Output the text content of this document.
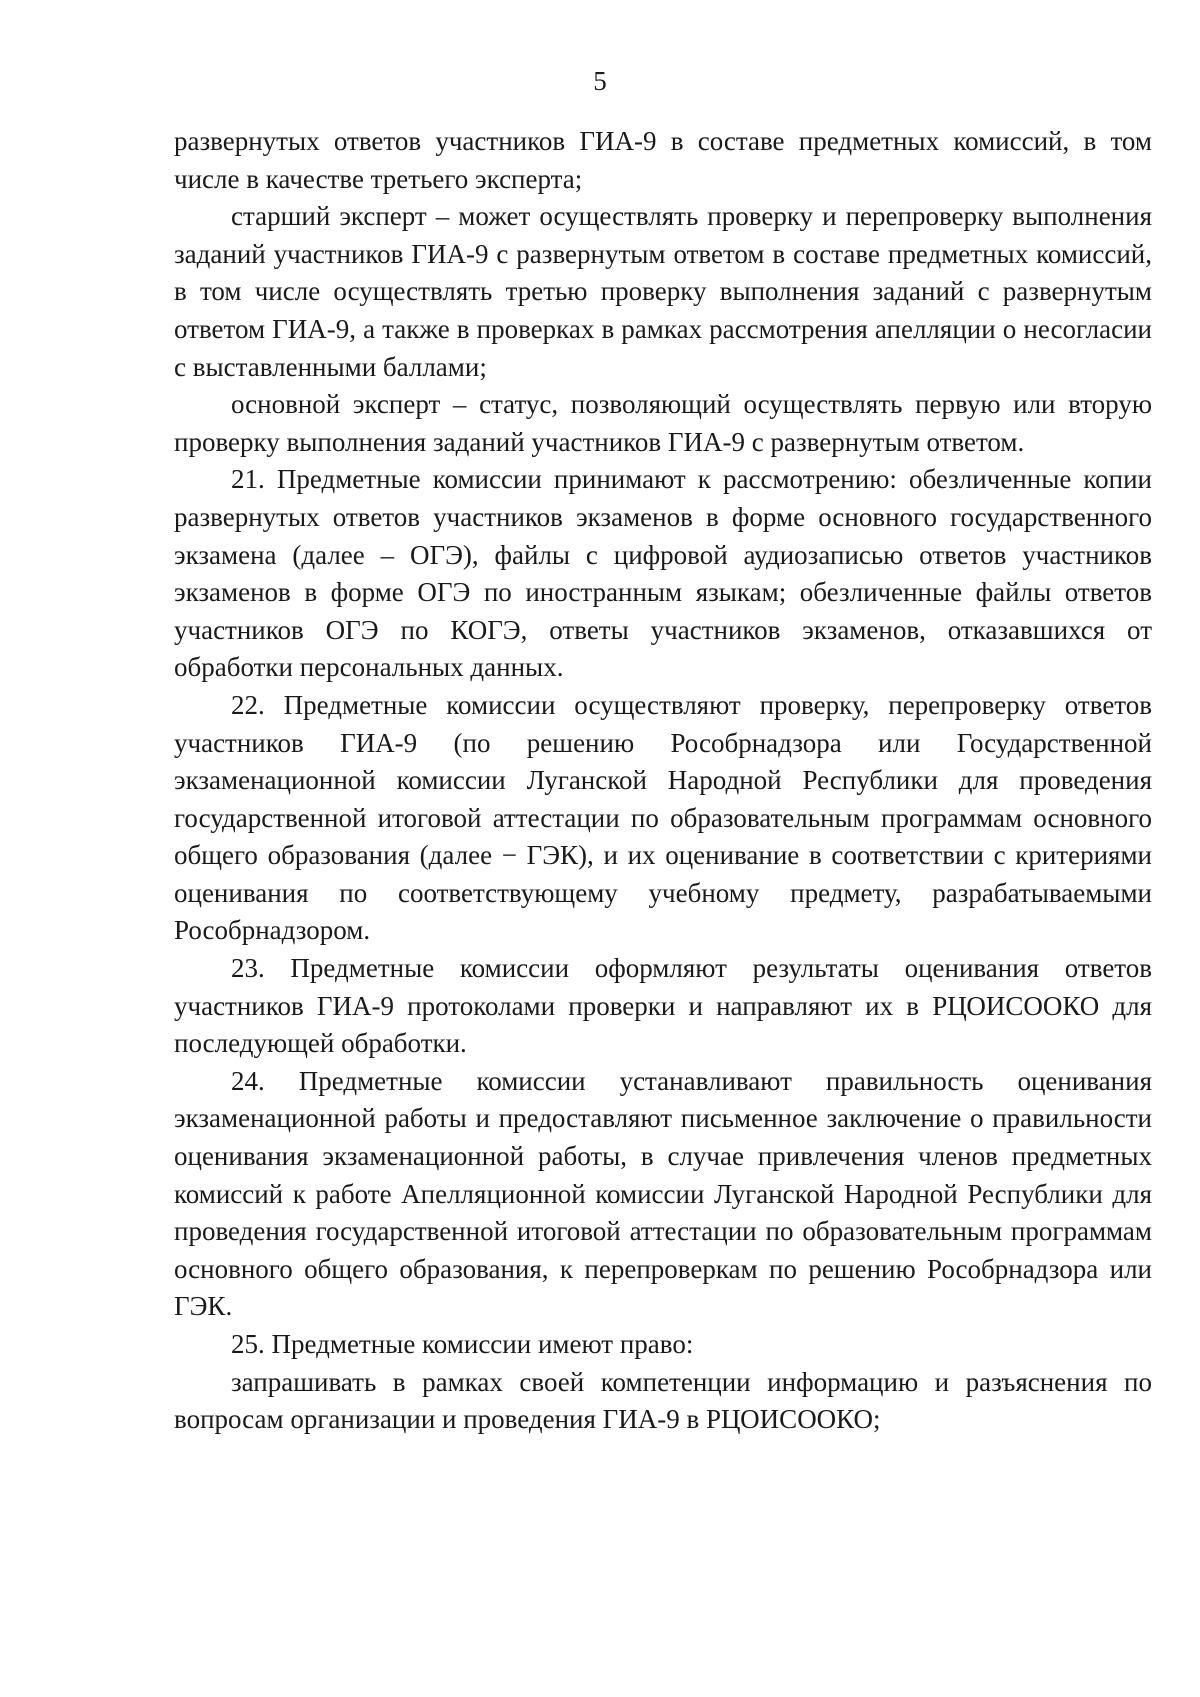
5

развернутых ответов участников ГИА-9 в составе предметных комиссий, в том числе в качестве третьего эксперта;

старший эксперт – может осуществлять проверку и перепроверку выполнения заданий участников ГИА-9 с развернутым ответом в составе предметных комиссий, в том числе осуществлять третью проверку выполнения заданий с развернутым ответом ГИА-9, а также в проверках в рамках рассмотрения апелляции о несогласии с выставленными баллами;

основной эксперт – статус, позволяющий осуществлять первую или вторую проверку выполнения заданий участников ГИА-9 с развернутым ответом.

21. Предметные комиссии принимают к рассмотрению: обезличенные копии развернутых ответов участников экзаменов в форме основного государственного экзамена (далее – ОГЭ), файлы с цифровой аудиозаписью ответов участников экзаменов в форме ОГЭ по иностранным языкам; обезличенные файлы ответов участников ОГЭ по КОГЭ, ответы участников экзаменов, отказавшихся от обработки персональных данных.

22. Предметные комиссии осуществляют проверку, перепроверку ответов участников ГИА-9 (по решению Рособрнадзора или Государственной экзаменационной комиссии Луганской Народной Республики для проведения государственной итоговой аттестации по образовательным программам основного общего образования (далее − ГЭК), и их оценивание в соответствии с критериями оценивания по соответствующему учебному предмету, разрабатываемыми Рособрнадзором.

23. Предметные комиссии оформляют результаты оценивания ответов участников ГИА-9 протоколами проверки и направляют их в РЦОИСООКО для последующей обработки.

24. Предметные комиссии устанавливают правильность оценивания экзаменационной работы и предоставляют письменное заключение о правильности оценивания экзаменационной работы, в случае привлечения членов предметных комиссий к работе Апелляционной комиссии Луганской Народной Республики для проведения государственной итоговой аттестации по образовательным программам основного общего образования, к перепроверкам по решению Рособрнадзора или ГЭК.

25. Предметные комиссии имеют право:

запрашивать в рамках своей компетенции информацию и разъяснения по вопросам организации и проведения ГИА-9 в РЦОИСООКО;
